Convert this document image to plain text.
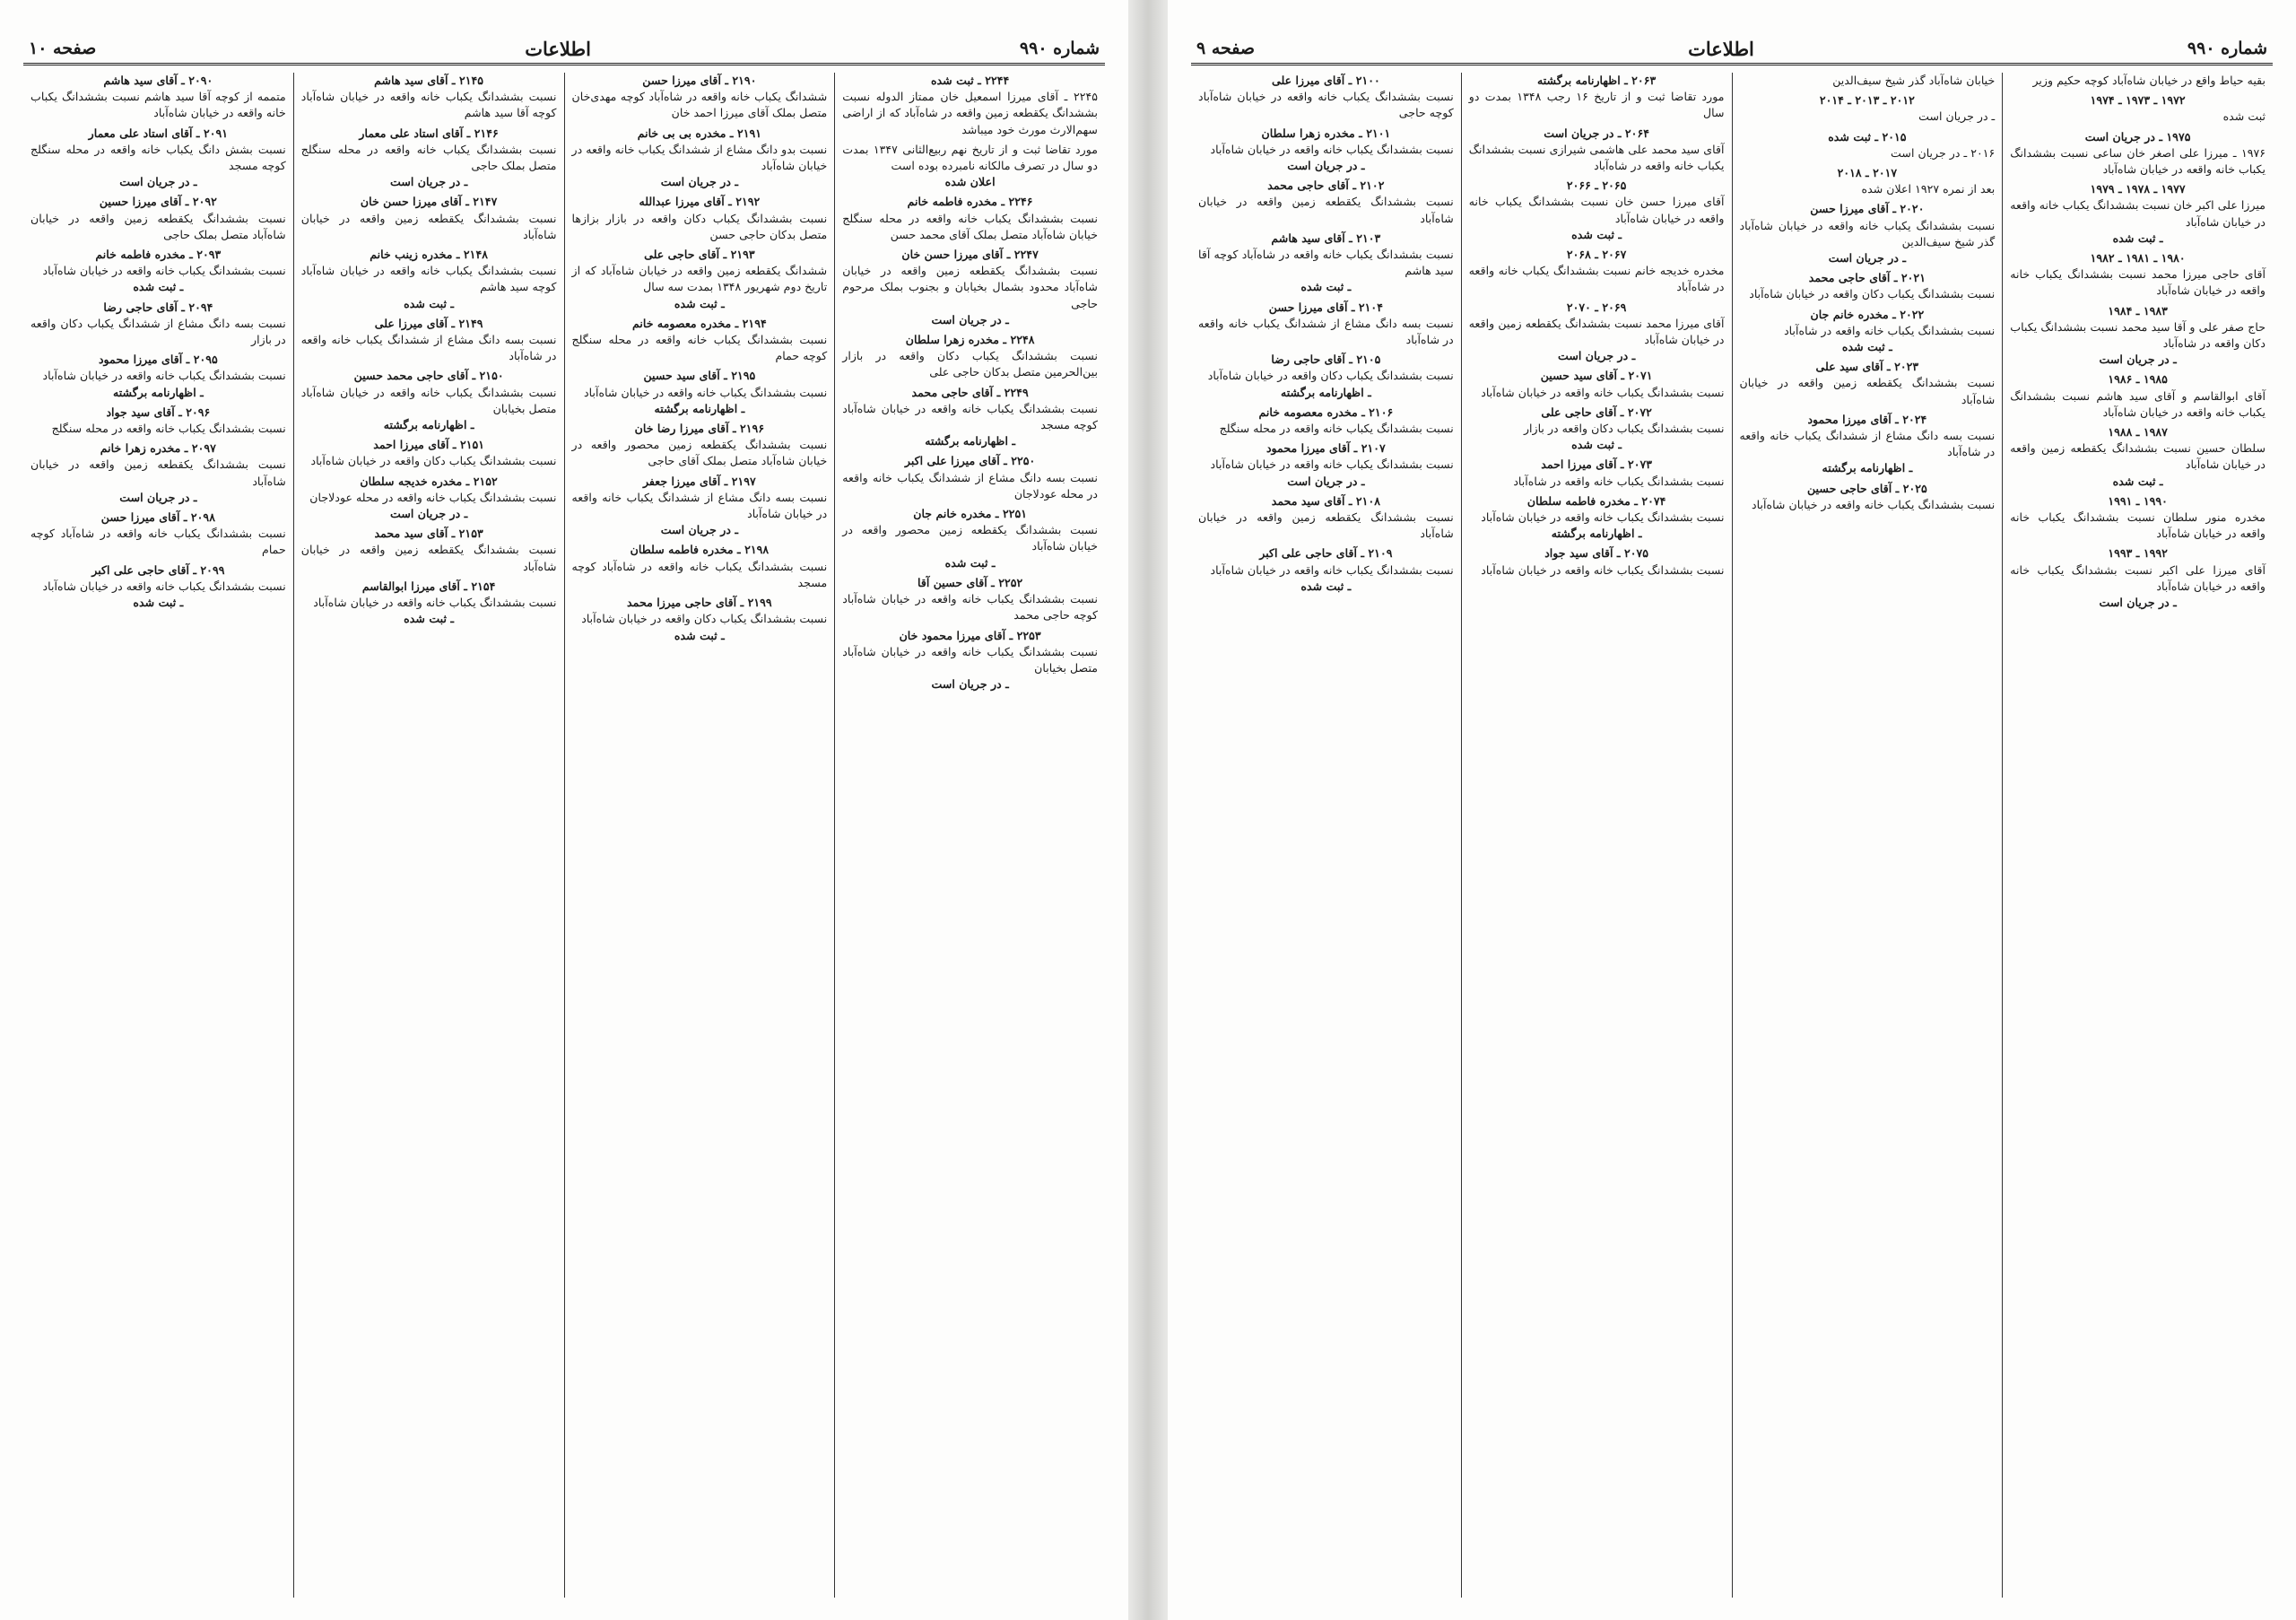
صفحه ۹	اطلاعات	شماره ۹۹۰
بقیه حیاط واقع در خیابان شاه‌آباد کوچه حکیم وزیر
۱۹۷۲ ـ ۱۹۷۳ ـ ۱۹۷۴
ثبت شده
۱۹۷۵ ـ در جریان است
۱۹۷۶ ـ میرزا علی اصغر خان ساعی نسبت بششدانگ یکباب خانه واقعه در خیابان شاه‌آباد
۱۹۷۷ ـ ۱۹۷۸ ـ ۱۹۷۹
میرزا علی اکبر خان نسبت بششدانگ یکباب خانه واقعه در خیابان شاه‌آباد
ـ ثبت شده
۱۹۸۰ ـ ۱۹۸۱ ـ ۱۹۸۲
آقای حاجی میرزا محمد نسبت بششدانگ یکباب خانه واقعه در خیابان شاه‌آباد
۱۹۸۳ ـ ۱۹۸۴
حاج صفر علی و آقا سید محمد نسبت بششدانگ یکباب دکان واقعه در شاه‌آباد
ـ در جریان است
۱۹۸۵ ـ ۱۹۸۶
آقای ابوالقاسم و آقای سید هاشم نسبت بششدانگ یکباب خانه واقعه در خیابان شاه‌آباد
۱۹۸۷ ـ ۱۹۸۸
سلطان حسین نسبت بششدانگ یکقطعه زمین واقعه در خیابان شاه‌آباد
ـ ثبت شده
۱۹۹۰ ـ ۱۹۹۱
مخدره منور سلطان نسبت بششدانگ یکباب خانه واقعه در خیابان شاه‌آباد
۱۹۹۲ ـ ۱۹۹۳
آقای میرزا علی اکبر نسبت بششدانگ یکباب خانه واقعه در خیابان شاه‌آباد
ـ در جریان است
خیابان شاه‌آباد گذر شیخ سیف‌الدین
۲۰۱۲ ـ ۲۰۱۳ ـ ۲۰۱۴
ـ در جریان است
۲۰۱۵ ـ ثبت شده
۲۰۱۶ ـ در جریان است
۲۰۱۷ ـ ۲۰۱۸
بعد از نمره ۱۹۲۷ اعلان شده
۲۰۲۰ ـ آقای میرزا حسن
نسبت بششدانگ یکباب خانه واقعه در خیابان شاه‌آباد گذر شیخ سیف‌الدین
ـ در جریان است
۲۰۲۱ ـ آقای حاجی محمد
نسبت بششدانگ یکباب دکان واقعه در خیابان شاه‌آباد
۲۰۲۲ ـ مخدره خانم جان
نسبت بششدانگ یکباب خانه واقعه در شاه‌آباد
ـ ثبت شده
۲۰۲۳ ـ آقای سید علی
نسبت بششدانگ یکقطعه زمین واقعه در خیابان شاه‌آباد
۲۰۲۴ ـ آقای میرزا محمود
نسبت بسه دانگ مشاع از ششدانگ یکباب خانه واقعه در شاه‌آباد
ـ اظهارنامه برگشته
۲۰۲۵ ـ آقای حاجی حسین
نسبت بششدانگ یکباب خانه واقعه در خیابان شاه‌آباد
۲۰۶۳ ـ اظهارنامه برگشته
مورد تقاضا ثبت و از تاریخ ۱۶ رجب ۱۳۴۸ بمدت دو سال
۲۰۶۴ ـ در جریان است
آقای سید محمد علی هاشمی شیرازی نسبت بششدانگ یکباب خانه واقعه در شاه‌آباد
۲۰۶۵ ـ ۲۰۶۶
آقای میرزا حسن خان نسبت بششدانگ یکباب خانه واقعه در خیابان شاه‌آباد
ـ ثبت شده
۲۰۶۷ ـ ۲۰۶۸
مخدره خدیجه خانم نسبت بششدانگ یکباب خانه واقعه در شاه‌آباد
۲۰۶۹ ـ ۲۰۷۰
آقای میرزا محمد نسبت بششدانگ یکقطعه زمین واقعه در خیابان شاه‌آباد
ـ در جریان است
۲۰۷۱ ـ آقای سید حسین
نسبت بششدانگ یکباب خانه واقعه در خیابان شاه‌آباد
۲۰۷۲ ـ آقای حاجی علی
نسبت بششدانگ یکباب دکان واقعه در بازار
ـ ثبت شده
۲۰۷۳ ـ آقای میرزا احمد
نسبت بششدانگ یکباب خانه واقعه در شاه‌آباد
۲۰۷۴ ـ مخدره فاطمه سلطان
نسبت بششدانگ یکباب خانه واقعه در خیابان شاه‌آباد
ـ اظهارنامه برگشته
۲۰۷۵ ـ آقای سید جواد
نسبت بششدانگ یکباب خانه واقعه در خیابان شاه‌آباد
۲۱۰۰ ـ آقای میرزا علی
نسبت بششدانگ یکباب خانه واقعه در خیابان شاه‌آباد کوچه حاجی
۲۱۰۱ ـ مخدره زهرا سلطان
نسبت بششدانگ یکباب خانه واقعه در خیابان شاه‌آباد
ـ در جریان است
۲۱۰۲ ـ آقای حاجی محمد
نسبت بششدانگ یکقطعه زمین واقعه در خیابان شاه‌آباد
۲۱۰۳ ـ آقای سید هاشم
نسبت بششدانگ یکباب خانه واقعه در شاه‌آباد کوچه آقا سید هاشم
ـ ثبت شده
۲۱۰۴ ـ آقای میرزا حسن
نسبت بسه دانگ مشاع از ششدانگ یکباب خانه واقعه در شاه‌آباد
۲۱۰۵ ـ آقای حاجی رضا
نسبت بششدانگ یکباب دکان واقعه در خیابان شاه‌آباد
ـ اظهارنامه برگشته
۲۱۰۶ ـ مخدره معصومه خانم
نسبت بششدانگ یکباب خانه واقعه در محله سنگلج
۲۱۰۷ ـ آقای میرزا محمود
نسبت بششدانگ یکباب خانه واقعه در خیابان شاه‌آباد
ـ در جریان است
۲۱۰۸ ـ آقای سید محمد
نسبت بششدانگ یکقطعه زمین واقعه در خیابان شاه‌آباد
۲۱۰۹ ـ آقای حاجی علی اکبر
نسبت بششدانگ یکباب خانه واقعه در خیابان شاه‌آباد
ـ ثبت شده
صفحه ۱۰	اطلاعات	شماره ۹۹۰
۲۲۴۴ ـ ثبت شده
۲۲۴۵ ـ آقای میرزا اسمعیل خان ممتاز الدوله نسبت بششدانگ یکقطعه زمین واقعه در شاه‌آباد که از اراضی سهم‌الارث مورث خود میباشد
مورد تقاضا ثبت و از تاریخ نهم ربیع‌الثانی ۱۳۴۷ بمدت دو سال در تصرف مالکانه نامبرده بوده است
اعلان شده
۲۲۴۶ ـ مخدره فاطمه خانم
نسبت بششدانگ یکباب خانه واقعه در محله سنگلج خیابان شاه‌آباد متصل بملک آقای محمد حسن
۲۲۴۷ ـ آقای میرزا حسن خان
نسبت بششدانگ یکقطعه زمین واقعه در خیابان شاه‌آباد محدود بشمال بخیابان و بجنوب بملک مرحوم حاجی
ـ در جریان است
۲۲۴۸ ـ مخدره زهرا سلطان
نسبت بششدانگ یکباب دکان واقعه در بازار بین‌الحرمین متصل بدکان حاجی علی
۲۲۴۹ ـ آقای حاجی محمد
نسبت بششدانگ یکباب خانه واقعه در خیابان شاه‌آباد کوچه مسجد
ـ اظهارنامه برگشته
۲۲۵۰ ـ آقای میرزا علی اکبر
نسبت بسه دانگ مشاع از ششدانگ یکباب خانه واقعه در محله عودلاجان
۲۲۵۱ ـ مخدره خانم جان
نسبت بششدانگ یکقطعه زمین محصور واقعه در خیابان شاه‌آباد
ـ ثبت شده
۲۲۵۲ ـ آقای حسین آقا
نسبت بششدانگ یکباب خانه واقعه در خیابان شاه‌آباد کوچه حاجی محمد
۲۲۵۳ ـ آقای میرزا محمود خان
نسبت بششدانگ یکباب خانه واقعه در خیابان شاه‌آباد متصل بخیابان
ـ در جریان است
۲۱۹۰ ـ آقای میرزا حسن
ششدانگ یکباب خانه واقعه در شاه‌آباد کوچه مهدی‌خان متصل بملک آقای میرزا احمد خان
۲۱۹۱ ـ مخدره بی بی خانم
نسبت بدو دانگ مشاع از ششدانگ یکباب خانه واقعه در خیابان شاه‌آباد
ـ در جریان است
۲۱۹۲ ـ آقای میرزا عبدالله
نسبت بششدانگ یکباب دکان واقعه در بازار بزازها متصل بدکان حاجی حسن
۲۱۹۳ ـ آقای حاجی علی
ششدانگ یکقطعه زمین واقعه در خیابان شاه‌آباد که از تاریخ دوم شهریور ۱۳۴۸ بمدت سه سال
ـ ثبت شده
۲۱۹۴ ـ مخدره معصومه خانم
نسبت بششدانگ یکباب خانه واقعه در محله سنگلج کوچه حمام
۲۱۹۵ ـ آقای سید حسین
نسبت بششدانگ یکباب خانه واقعه در خیابان شاه‌آباد
ـ اظهارنامه برگشته
۲۱۹۶ ـ آقای میرزا رضا خان
نسبت بششدانگ یکقطعه زمین محصور واقعه در خیابان شاه‌آباد متصل بملک آقای حاجی
۲۱۹۷ ـ آقای میرزا جعفر
نسبت بسه دانگ مشاع از ششدانگ یکباب خانه واقعه در خیابان شاه‌آباد
ـ در جریان است
۲۱۹۸ ـ مخدره فاطمه سلطان
نسبت بششدانگ یکباب خانه واقعه در شاه‌آباد کوچه مسجد
۲۱۹۹ ـ آقای حاجی میرزا محمد
نسبت بششدانگ یکباب دکان واقعه در خیابان شاه‌آباد
ـ ثبت شده
۲۱۴۵ ـ آقای سید هاشم
نسبت بششدانگ یکباب خانه واقعه در خیابان شاه‌آباد کوچه آقا سید هاشم
۲۱۴۶ ـ آقای استاد علی معمار
نسبت بششدانگ یکباب خانه واقعه در محله سنگلج متصل بملک حاجی
ـ در جریان است
۲۱۴۷ ـ آقای میرزا حسن خان
نسبت بششدانگ یکقطعه زمین واقعه در خیابان شاه‌آباد
۲۱۴۸ ـ مخدره زینب خانم
نسبت بششدانگ یکباب خانه واقعه در خیابان شاه‌آباد کوچه سید هاشم
ـ ثبت شده
۲۱۴۹ ـ آقای میرزا علی
نسبت بسه دانگ مشاع از ششدانگ یکباب خانه واقعه در شاه‌آباد
۲۱۵۰ ـ آقای حاجی محمد حسین
نسبت بششدانگ یکباب خانه واقعه در خیابان شاه‌آباد متصل بخیابان
ـ اظهارنامه برگشته
۲۱۵۱ ـ آقای میرزا احمد
نسبت بششدانگ یکباب دکان واقعه در خیابان شاه‌آباد
۲۱۵۲ ـ مخدره خدیجه سلطان
نسبت بششدانگ یکباب خانه واقعه در محله عودلاجان
ـ در جریان است
۲۱۵۳ ـ آقای سید محمد
نسبت بششدانگ یکقطعه زمین واقعه در خیابان شاه‌آباد
۲۱۵۴ ـ آقای میرزا ابوالقاسم
نسبت بششدانگ یکباب خانه واقعه در خیابان شاه‌آباد
ـ ثبت شده
۲۰۹۰ ـ آقای سید هاشم
متممه از کوچه آقا سید هاشم نسبت بششدانگ یکباب خانه واقعه در خیابان شاه‌آباد
۲۰۹۱ ـ آقای استاد علی معمار
نسبت بشش دانگ یکباب خانه واقعه در محله سنگلج کوچه مسجد
ـ در جریان است
۲۰۹۲ ـ آقای میرزا حسین
نسبت بششدانگ یکقطعه زمین واقعه در خیابان شاه‌آباد متصل بملک حاجی
۲۰۹۳ ـ مخدره فاطمه خانم
نسبت بششدانگ یکباب خانه واقعه در خیابان شاه‌آباد
ـ ثبت شده
۲۰۹۴ ـ آقای حاجی رضا
نسبت بسه دانگ مشاع از ششدانگ یکباب دکان واقعه در بازار
۲۰۹۵ ـ آقای میرزا محمود
نسبت بششدانگ یکباب خانه واقعه در خیابان شاه‌آباد
ـ اظهارنامه برگشته
۲۰۹۶ ـ آقای سید جواد
نسبت بششدانگ یکباب خانه واقعه در محله سنگلج
۲۰۹۷ ـ مخدره زهرا خانم
نسبت بششدانگ یکقطعه زمین واقعه در خیابان شاه‌آباد
ـ در جریان است
۲۰۹۸ ـ آقای میرزا حسن
نسبت بششدانگ یکباب خانه واقعه در شاه‌آباد کوچه حمام
۲۰۹۹ ـ آقای حاجی علی اکبر
نسبت بششدانگ یکباب خانه واقعه در خیابان شاه‌آباد
ـ ثبت شده
